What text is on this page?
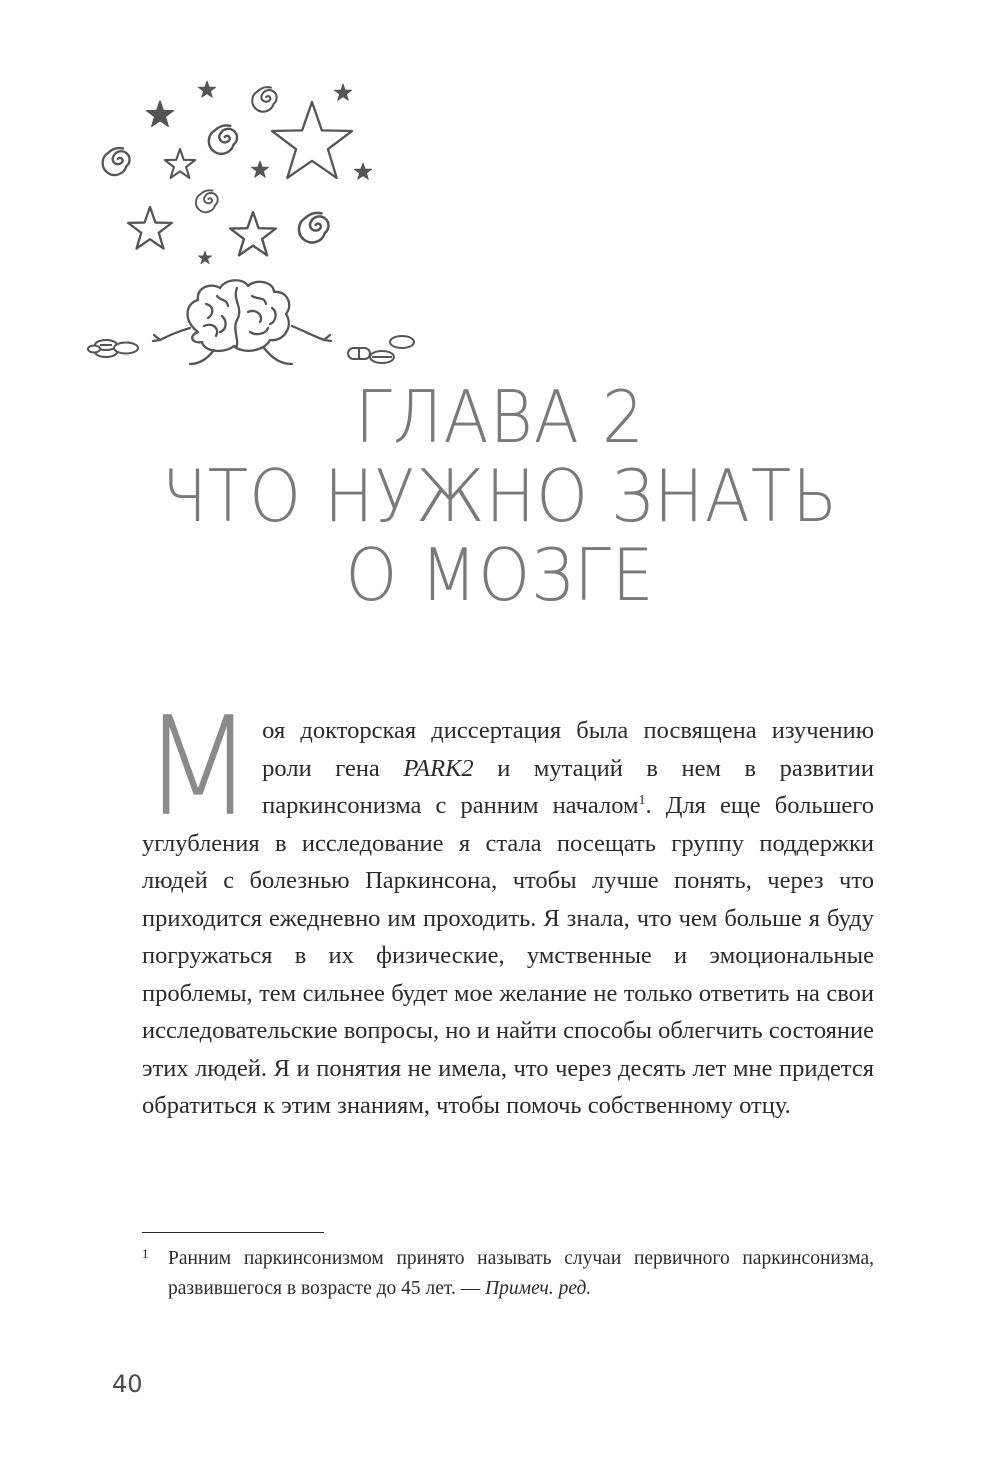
ГЛАВА 2
ЧТО НУЖНО ЗНАТЬ
О МОЗГЕ

Моя докторская диссертация была посвящена изучению роли гена PARK2 и мутаций в нем в развитии паркинсонизма с ранним началом$^1$. Для еще большего углубления в исследование я стала посещать группу поддержки людей с болезнью Паркинсона, чтобы лучше понять, через что приходится ежедневно им проходить. Я знала, что чем больше я буду погружаться в их физические, умственные и эмоциональные проблемы, тем сильнее будет мое желание не только ответить на свои исследовательские вопросы, но и найти способы облегчить состояние этих людей. Я и понятия не имела, что через десять лет мне придется обратиться к этим знаниям, чтобы помочь собственному отцу.

1	Ранним паркинсонизмом принято называть случаи первичного паркинсонизма, развившегося в возрасте до 45 лет. — Примеч. ред.

40
